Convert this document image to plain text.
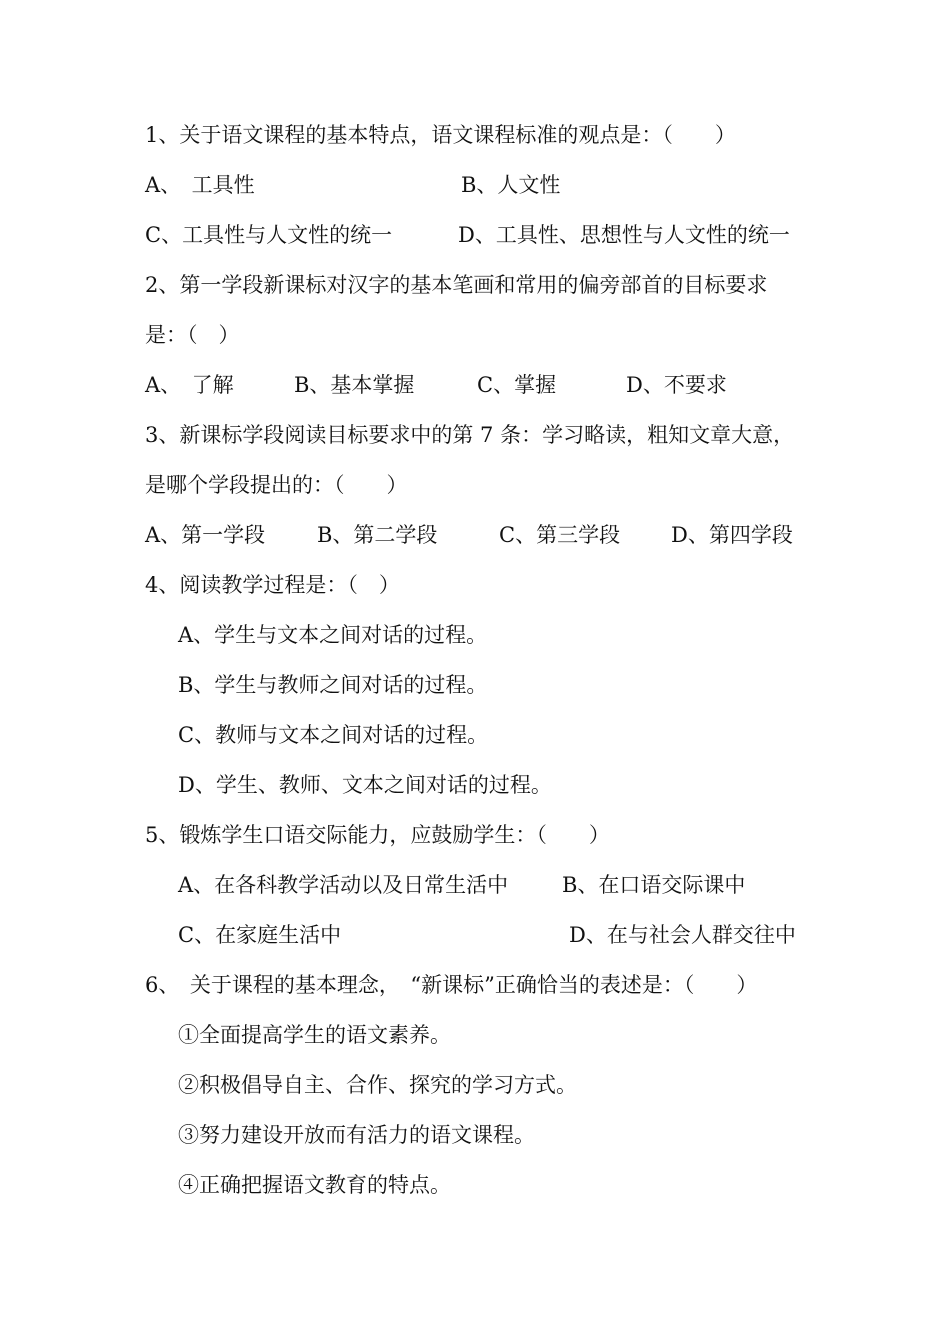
1、关于语文课程的基本特点，语文课程标准的观点是：（　　）
A、　工具性	B、人文性
C、工具性与人文性的统一	D、工具性、思想性与人文性的统一
2、第一学段新课标对汉字的基本笔画和常用的偏旁部首的目标要求
是：（　）
A、　了解	B、基本掌握	C、掌握	D、不要求
3、新课标学段阅读目标要求中的第 7 条：学习略读，粗知文章大意，
是哪个学段提出的：（　　）
A、第一学段 B、第二学段	C、第三学段 D、第四学段
4、阅读教学过程是：（　）
A、学生与文本之间对话的过程。
B、学生与教师之间对话的过程。
C、教师与文本之间对话的过程。
D、学生、教师、文本之间对话的过程。
5、锻炼学生口语交际能力，应鼓励学生：（　　）
A、在各科教学活动以及日常生活中	B、在口语交际课中
C、在家庭生活中	D、在与社会人群交往中
6、　关于课程的基本理念，　“新课标”正确恰当的表述是：（　　）
①全面提高学生的语文素养。
②积极倡导自主、合作、探究的学习方式。
③努力建设开放而有活力的语文课程。
④正确把握语文教育的特点。
